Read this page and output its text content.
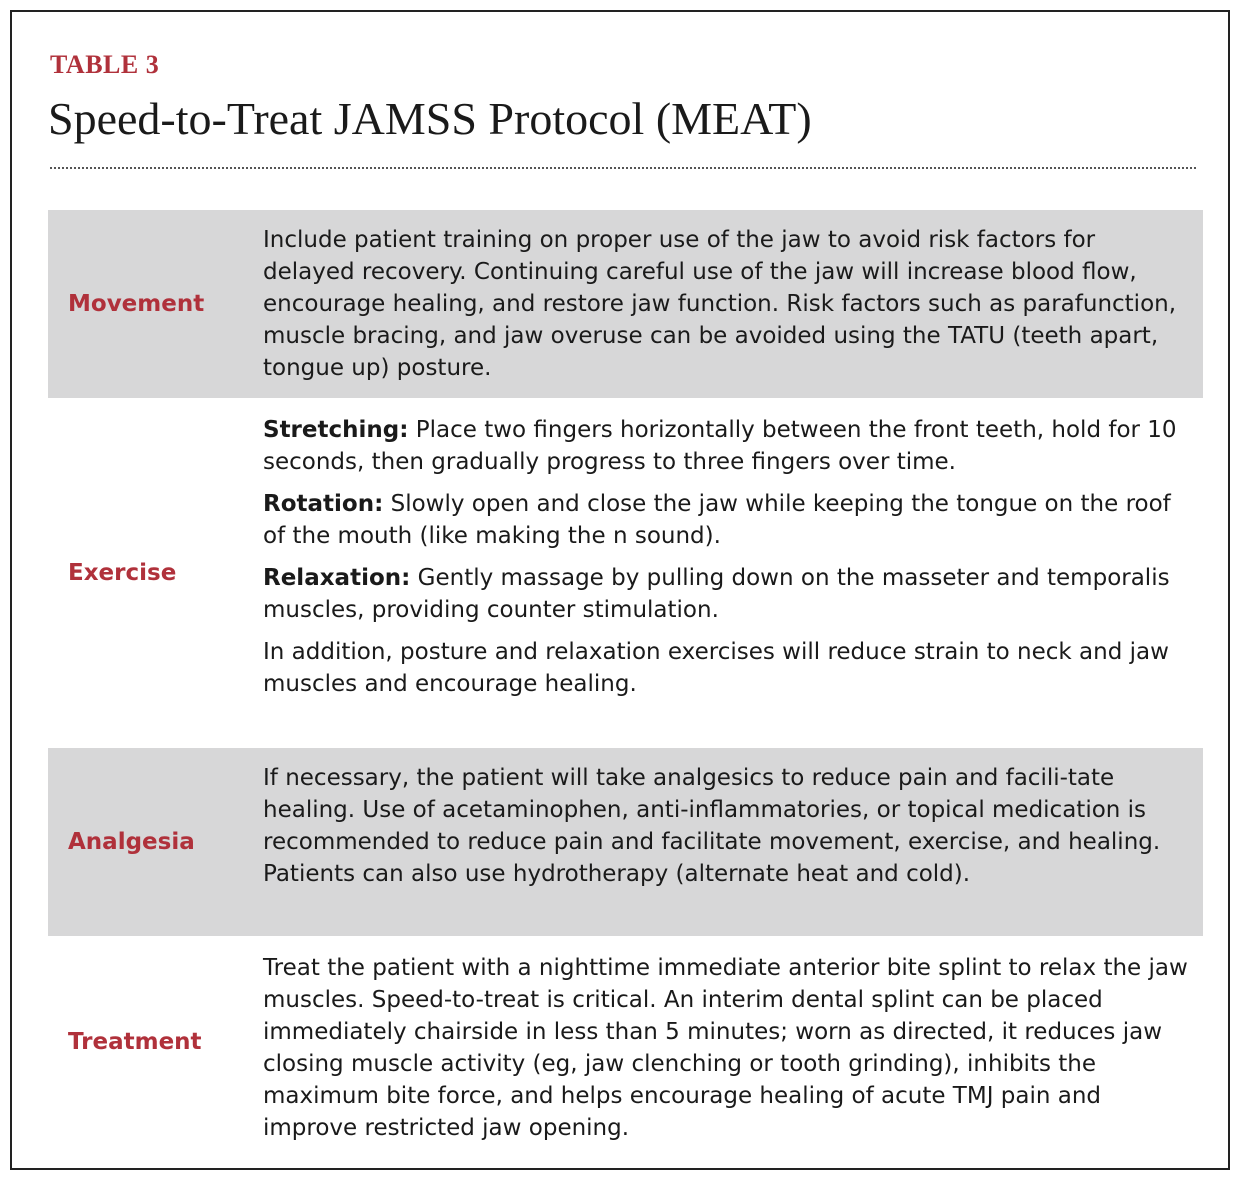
TABLE 3
Speed-to-Treat JAMSS Protocol (MEAT)
Movement

Include patient training on proper use of the jaw to avoid risk factors for delayed recovery. Continuing careful use of the jaw will increase blood flow, encourage healing, and restore jaw function. Risk factors such as parafunction, muscle bracing, and jaw overuse can be avoided using the TATU (teeth apart, tongue up) posture.

Exercise

Stretching: Place two fingers horizontally between the front teeth, hold for 10 seconds, then gradually progress to three fingers over time.

Rotation: Slowly open and close the jaw while keeping the tongue on the roof of the mouth (like making the n sound).

Relaxation: Gently massage by pulling down on the masseter and temporalis muscles, providing counter stimulation.

In addition, posture and relaxation exercises will reduce strain to neck and jaw muscles and encourage healing.

Analgesia

If necessary, the patient will take analgesics to reduce pain and facili-tate healing. Use of acetaminophen, anti-inflammatories, or topical medication is recommended to reduce pain and facilitate movement, exercise, and healing. Patients can also use hydrotherapy (alternate heat and cold).

Treatment

Treat the patient with a nighttime immediate anterior bite splint to relax the jaw muscles. Speed-to-treat is critical. An interim dental splint can be placed immediately chairside in less than 5 minutes; worn as directed, it reduces jaw closing muscle activity (eg, jaw clenching or tooth grinding), inhibits the maximum bite force, and helps encourage healing of acute TMJ pain and improve restricted jaw opening.
